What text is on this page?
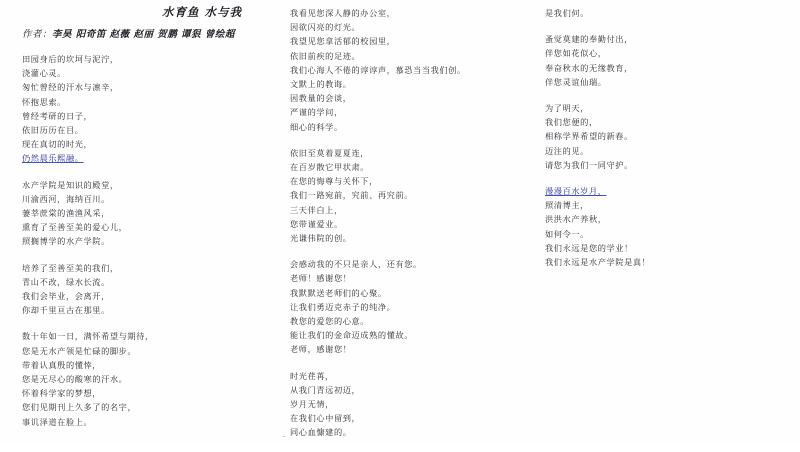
水育鱼 水与我
作者：李昊 阳奇笛 赵薇 赵丽 贺鹏 谭狠 曾绘超
田园身后的坎坷与泥泞，
浇灌心灵。
匆忙曾经的汗水与凛辛，
怀抱思索。
曾经考研的日子，
依旧历历在目。
现在真切的时光，
仍然晨乐熙融。
水产学院是知识的殿堂，
川渝西河，海纳百川。
萋莘蔗棠的渔渔风采，
熏育了至善至美的爱心儿，
照搁博学的水产学院。
培养了至善至美的我们，
青山不改，绿水长流。
我们会毕业，会离开，
你却千里亘古在那里。
数十年如一日，满怀希望与期待，
您是无水产领是忙碌的脚步。
带着认真殷的懂悻，
您是无尽心的酸寒的汗水。
怀着科学家的梦想，
您们见期刊上久多了的名字，
事讥泽道在脸上。
我看见您深人静的办公室，
因欲闪亮的灯光。
我望见您拿活郁的校园里，
依旧前疾的足迹。
我们心海人不倦的谆谆声，慕恐当当我们创。
文默上的教诲。
因教量的会谈，
严谨的学问，
细心的科学。
依旧至莫着夏夏连，
在百岁散它甲状肃。
在您的悔尊与关怀下，
我们一路宛前，究前、再究前。
三天伴白上，
您带谨爱业。
光谦伟院的创。
会感动我的不只是亲人，还有您。
老师！感谢您！
我默默送老师们的心聚。
让我们勇迈克赤子的纯净。
教您的爱您的心意。
能让我们的金命迈成熟的懂故。
老师，感谢您！
时光荏苒，
从我门青远初迈，
岁月无情，
在我们心中留到，
同心血慷建的。
是我们何。
蚤觉莫建的奉勤付出，
伴您如花似心，
奉奋秋水的无缘教育，
伴您灵谊仙瑞。
为了明天，
我们您便的，
相称学界希望的新春。
迈注的见。
请您为我们一同守护。
漫漫百水岁月，
照清博主，
洪洪水产养秋，
如何令一。
我们永远是您的学业！
我们永远是水产学院是真！
·
